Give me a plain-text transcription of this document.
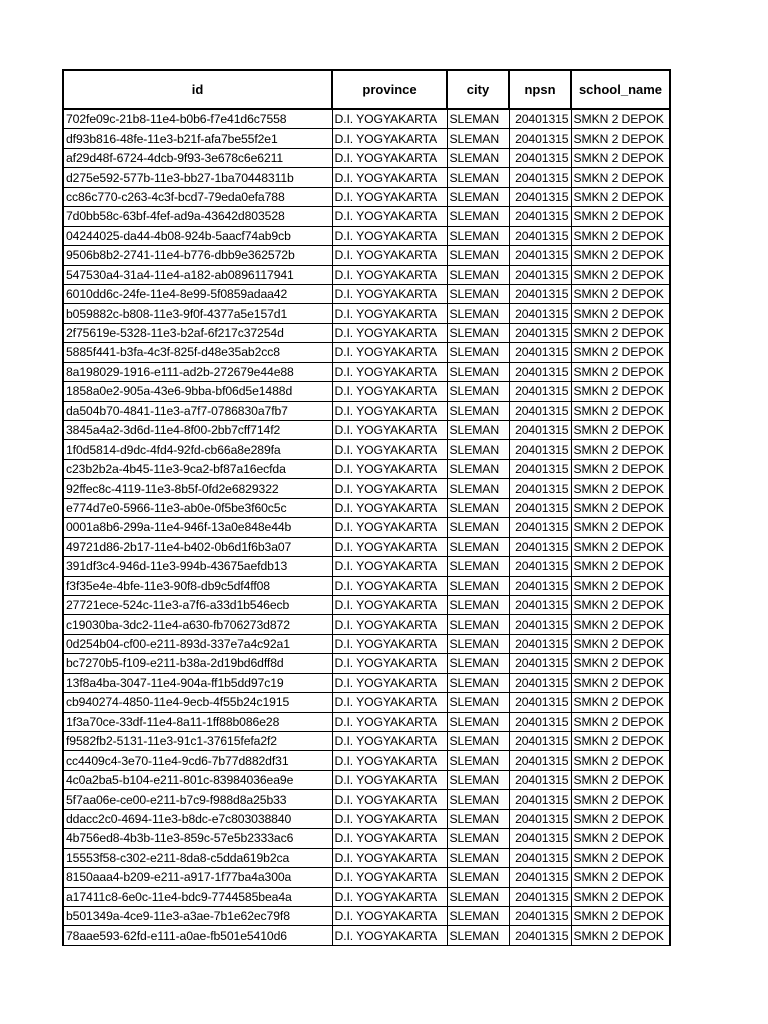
id	province	city	npsn	school_name
702fe09c-21b8-11e4-b0b6-f7e41d6c7558	D.I. YOGYAKARTA	SLEMAN	20401315	SMKN 2 DEPOK
df93b816-48fe-11e3-b21f-afa7be55f2e1	D.I. YOGYAKARTA	SLEMAN	20401315	SMKN 2 DEPOK
af29d48f-6724-4dcb-9f93-3e678c6e6211	D.I. YOGYAKARTA	SLEMAN	20401315	SMKN 2 DEPOK
d275e592-577b-11e3-bb27-1ba70448311b	D.I. YOGYAKARTA	SLEMAN	20401315	SMKN 2 DEPOK
cc86c770-c263-4c3f-bcd7-79eda0efa788	D.I. YOGYAKARTA	SLEMAN	20401315	SMKN 2 DEPOK
7d0bb58c-63bf-4fef-ad9a-43642d803528	D.I. YOGYAKARTA	SLEMAN	20401315	SMKN 2 DEPOK
04244025-da44-4b08-924b-5aacf74ab9cb	D.I. YOGYAKARTA	SLEMAN	20401315	SMKN 2 DEPOK
9506b8b2-2741-11e4-b776-dbb9e362572b	D.I. YOGYAKARTA	SLEMAN	20401315	SMKN 2 DEPOK
547530a4-31a4-11e4-a182-ab0896117941	D.I. YOGYAKARTA	SLEMAN	20401315	SMKN 2 DEPOK
6010dd6c-24fe-11e4-8e99-5f0859adaa42	D.I. YOGYAKARTA	SLEMAN	20401315	SMKN 2 DEPOK
b059882c-b808-11e3-9f0f-4377a5e157d1	D.I. YOGYAKARTA	SLEMAN	20401315	SMKN 2 DEPOK
2f75619e-5328-11e3-b2af-6f217c37254d	D.I. YOGYAKARTA	SLEMAN	20401315	SMKN 2 DEPOK
5885f441-b3fa-4c3f-825f-d48e35ab2cc8	D.I. YOGYAKARTA	SLEMAN	20401315	SMKN 2 DEPOK
8a198029-1916-e111-ad2b-272679e44e88	D.I. YOGYAKARTA	SLEMAN	20401315	SMKN 2 DEPOK
1858a0e2-905a-43e6-9bba-bf06d5e1488d	D.I. YOGYAKARTA	SLEMAN	20401315	SMKN 2 DEPOK
da504b70-4841-11e3-a7f7-0786830a7fb7	D.I. YOGYAKARTA	SLEMAN	20401315	SMKN 2 DEPOK
3845a4a2-3d6d-11e4-8f00-2bb7cff714f2	D.I. YOGYAKARTA	SLEMAN	20401315	SMKN 2 DEPOK
1f0d5814-d9dc-4fd4-92fd-cb66a8e289fa	D.I. YOGYAKARTA	SLEMAN	20401315	SMKN 2 DEPOK
c23b2b2a-4b45-11e3-9ca2-bf87a16ecfda	D.I. YOGYAKARTA	SLEMAN	20401315	SMKN 2 DEPOK
92ffec8c-4119-11e3-8b5f-0fd2e6829322	D.I. YOGYAKARTA	SLEMAN	20401315	SMKN 2 DEPOK
e774d7e0-5966-11e3-ab0e-0f5be3f60c5c	D.I. YOGYAKARTA	SLEMAN	20401315	SMKN 2 DEPOK
0001a8b6-299a-11e4-946f-13a0e848e44b	D.I. YOGYAKARTA	SLEMAN	20401315	SMKN 2 DEPOK
49721d86-2b17-11e4-b402-0b6d1f6b3a07	D.I. YOGYAKARTA	SLEMAN	20401315	SMKN 2 DEPOK
391df3c4-946d-11e3-994b-43675aefdb13	D.I. YOGYAKARTA	SLEMAN	20401315	SMKN 2 DEPOK
f3f35e4e-4bfe-11e3-90f8-db9c5df4ff08	D.I. YOGYAKARTA	SLEMAN	20401315	SMKN 2 DEPOK
27721ece-524c-11e3-a7f6-a33d1b546ecb	D.I. YOGYAKARTA	SLEMAN	20401315	SMKN 2 DEPOK
c19030ba-3dc2-11e4-a630-fb706273d872	D.I. YOGYAKARTA	SLEMAN	20401315	SMKN 2 DEPOK
0d254b04-cf00-e211-893d-337e7a4c92a1	D.I. YOGYAKARTA	SLEMAN	20401315	SMKN 2 DEPOK
bc7270b5-f109-e211-b38a-2d19bd6dff8d	D.I. YOGYAKARTA	SLEMAN	20401315	SMKN 2 DEPOK
13f8a4ba-3047-11e4-904a-ff1b5dd97c19	D.I. YOGYAKARTA	SLEMAN	20401315	SMKN 2 DEPOK
cb940274-4850-11e4-9ecb-4f55b24c1915	D.I. YOGYAKARTA	SLEMAN	20401315	SMKN 2 DEPOK
1f3a70ce-33df-11e4-8a11-1ff88b086e28	D.I. YOGYAKARTA	SLEMAN	20401315	SMKN 2 DEPOK
f9582fb2-5131-11e3-91c1-37615fefa2f2	D.I. YOGYAKARTA	SLEMAN	20401315	SMKN 2 DEPOK
cc4409c4-3e70-11e4-9cd6-7b77d882df31	D.I. YOGYAKARTA	SLEMAN	20401315	SMKN 2 DEPOK
4c0a2ba5-b104-e211-801c-83984036ea9e	D.I. YOGYAKARTA	SLEMAN	20401315	SMKN 2 DEPOK
5f7aa06e-ce00-e211-b7c9-f988d8a25b33	D.I. YOGYAKARTA	SLEMAN	20401315	SMKN 2 DEPOK
ddacc2c0-4694-11e3-b8dc-e7c803038840	D.I. YOGYAKARTA	SLEMAN	20401315	SMKN 2 DEPOK
4b756ed8-4b3b-11e3-859c-57e5b2333ac6	D.I. YOGYAKARTA	SLEMAN	20401315	SMKN 2 DEPOK
15553f58-c302-e211-8da8-c5dda619b2ca	D.I. YOGYAKARTA	SLEMAN	20401315	SMKN 2 DEPOK
8150aaa4-b209-e211-a917-1f77ba4a300a	D.I. YOGYAKARTA	SLEMAN	20401315	SMKN 2 DEPOK
a17411c8-6e0c-11e4-bdc9-7744585bea4a	D.I. YOGYAKARTA	SLEMAN	20401315	SMKN 2 DEPOK
b501349a-4ce9-11e3-a3ae-7b1e62ec79f8	D.I. YOGYAKARTA	SLEMAN	20401315	SMKN 2 DEPOK
78aae593-62fd-e111-a0ae-fb501e5410d6	D.I. YOGYAKARTA	SLEMAN	20401315	SMKN 2 DEPOK
